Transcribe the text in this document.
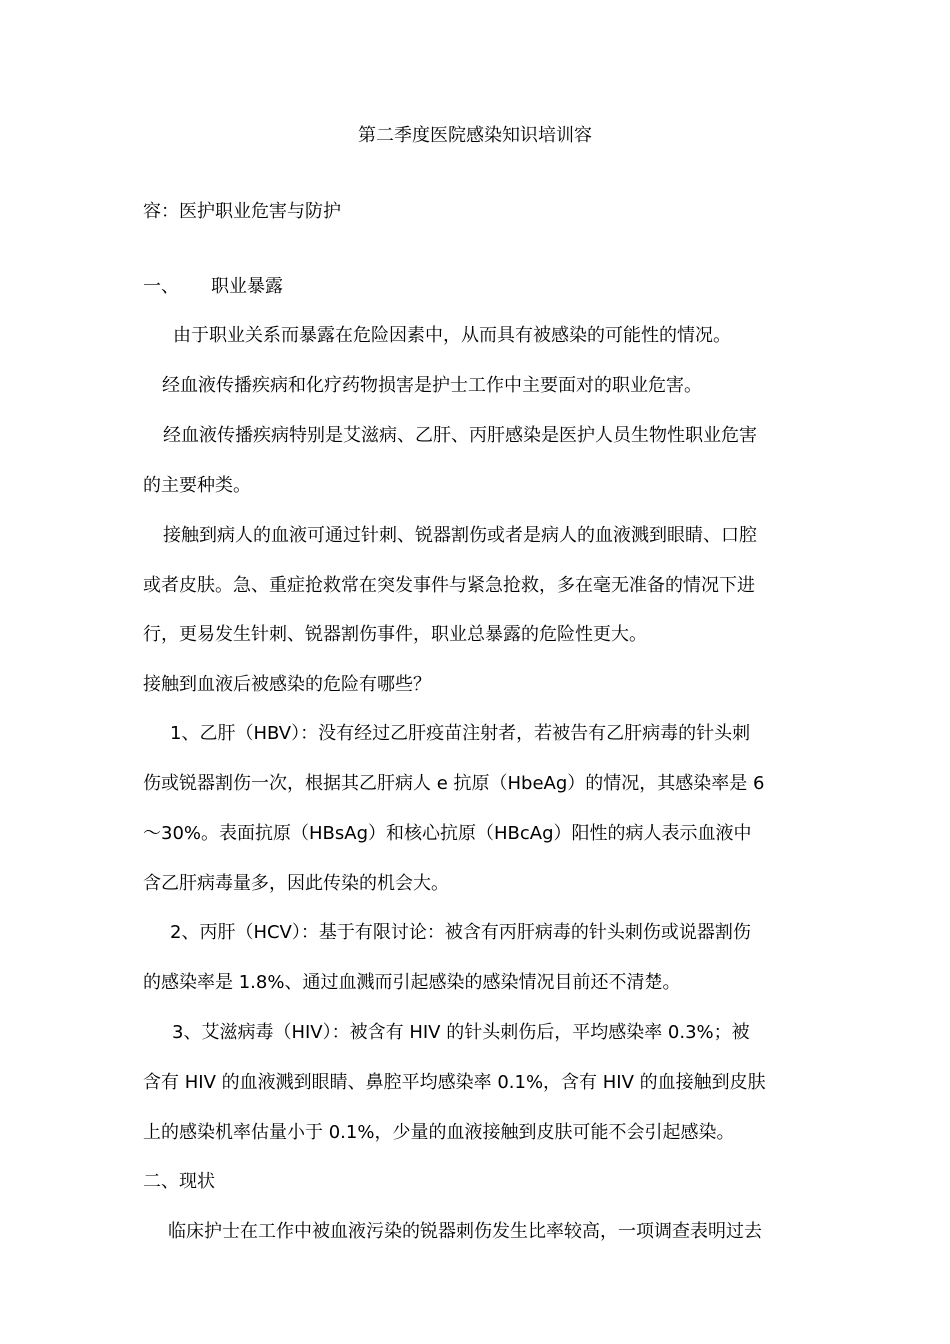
第二季度医院感染知识培训容
容：医护职业危害与防护
一、 职业暴露
由于职业关系而暴露在危险因素中，从而具有被感染的可能性的情况。
经血液传播疾病和化疗药物损害是护士工作中主要面对的职业危害。
经血液传播疾病特别是艾滋病、乙肝、丙肝感染是医护人员生物性职业危害
的主要种类。
接触到病人的血液可通过针刺、锐器割伤或者是病人的血液溅到眼睛、口腔
或者皮肤。急、重症抢救常在突发事件与紧急抢救，多在毫无准备的情况下进
行，更易发生针刺、锐器割伤事件，职业总暴露的危险性更大。
接触到血液后被感染的危险有哪些？
1、乙肝（HBV）：没有经过乙肝疫苗注射者，若被告有乙肝病毒的针头刺
伤或锐器割伤一次，根据其乙肝病人 e 抗原（HbeAg）的情况，其感染率是 6
～30%。表面抗原（HBsAg）和核心抗原（HBcAg）阳性的病人表示血液中
含乙肝病毒量多，因此传染的机会大。
2、丙肝（HCV）：基于有限讨论：被含有丙肝病毒的针头刺伤或说器割伤
的感染率是 1.8%、通过血溅而引起感染的感染情况目前还不清楚。
3、艾滋病毒（HIV）：被含有 HIV 的针头刺伤后，平均感染率 0.3%；被
含有 HIV 的血液溅到眼睛、鼻腔平均感染率 0.1%，含有 HIV 的血接触到皮肤
上的感染机率估量小于 0.1%，少量的血液接触到皮肤可能不会引起感染。
二、现状
临床护士在工作中被血液污染的锐器刺伤发生比率较高，一项调查表明过去
